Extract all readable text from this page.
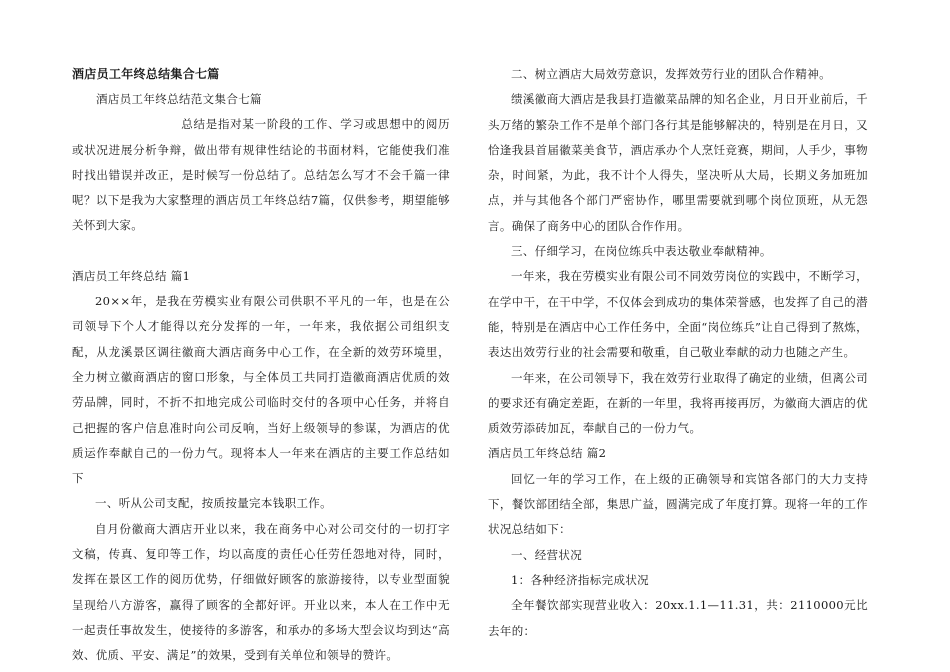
酒店员工年终总结集合七篇

酒店员工年终总结范文集合七篇

总结是指对某一阶段的工作、学习或思想中的阅历或状况进展分析争辩，做出带有规律性结论的书面材料，它能使我们准时找出错误并改正，是时候写一份总结了。总结怎么写才不会千篇一律呢？以下是我为大家整理的酒店员工年终总结7篇，仅供参考，期望能够关怀到大家。

酒店员工年终总结 篇1

20××年，是我在劳模实业有限公司供职不平凡的一年，也是在公司领导下个人才能得以充分发挥的一年，一年来，我依据公司组织支配，从龙溪景区调往徽商大酒店商务中心工作，在全新的效劳环境里，全力树立徽商酒店的窗口形象，与全体员工共同打造徽商酒店优质的效劳品牌，同时，不折不扣地完成公司临时交付的各项中心任务，并将自己把握的客户信息准时向公司反响，当好上级领导的参谋，为酒店的优质运作奉献自己的一份力气。现将本人一年来在酒店的主要工作总结如下

一、听从公司支配，按质按量完本钱职工作。

自月份徽商大酒店开业以来，我在商务中心对公司交付的一切打字文稿，传真、复印等工作，均以高度的责任心任劳任怨地对待，同时，发挥在景区工作的阅历优势，仔细做好顾客的旅游接待，以专业型面貌呈现给八方游客，赢得了顾客的全都好评。开业以来，本人在工作中无一起责任事故发生，使接待的多游客，和承办的多场大型会议均到达“高效、优质、平安、满足”的效果，受到有关单位和领导的赞许。

二、树立酒店大局效劳意识，发挥效劳行业的团队合作精神。

缋溪徽商大酒店是我县打造徽菜品牌的知名企业，月日开业前后，千头万绪的繁杂工作不是单个部门各行其是能够解决的，特别是在月日，又恰逢我县首届徽菜美食节，酒店承办个人烹饪竞赛，期间，人手少，事物杂，时间紧，为此，我不计个人得失，坚决听从大局，长期义务加班加点，并与其他各个部门严密协作，哪里需要就到哪个岗位顶班，从无怨言。确保了商务中心的团队合作作用。

三、仔细学习，在岗位练兵中表达敬业奉献精神。

一年来，我在劳模实业有限公司不同效劳岗位的实践中，不断学习，在学中干，在干中学，不仅体会到成功的集体荣誉感，也发挥了自己的潜能，特别是在酒店中心工作任务中，全面“岗位练兵”让自己得到了熬炼，表达出效劳行业的社会需要和敬重，自己敬业奉献的动力也随之产生。

一年来，在公司领导下，我在效劳行业取得了确定的业绩，但离公司的要求还有确定差距，在新的一年里，我将再接再厉，为徽商大酒店的优质效劳添砖加瓦，奉献自己的一份力气。

酒店员工年终总结 篇2

回忆一年的学习工作，在上级的正确领导和宾馆各部门的大力支持下，餐饮部团结全部，集思广益，圆满完成了年度打算。现将一年的工作状况总结如下：

一、经营状况

1：各种经济指标完成状况

全年餐饮部实现营业收入：20xx.1.1—11.31，共：2110000元比去年的：
